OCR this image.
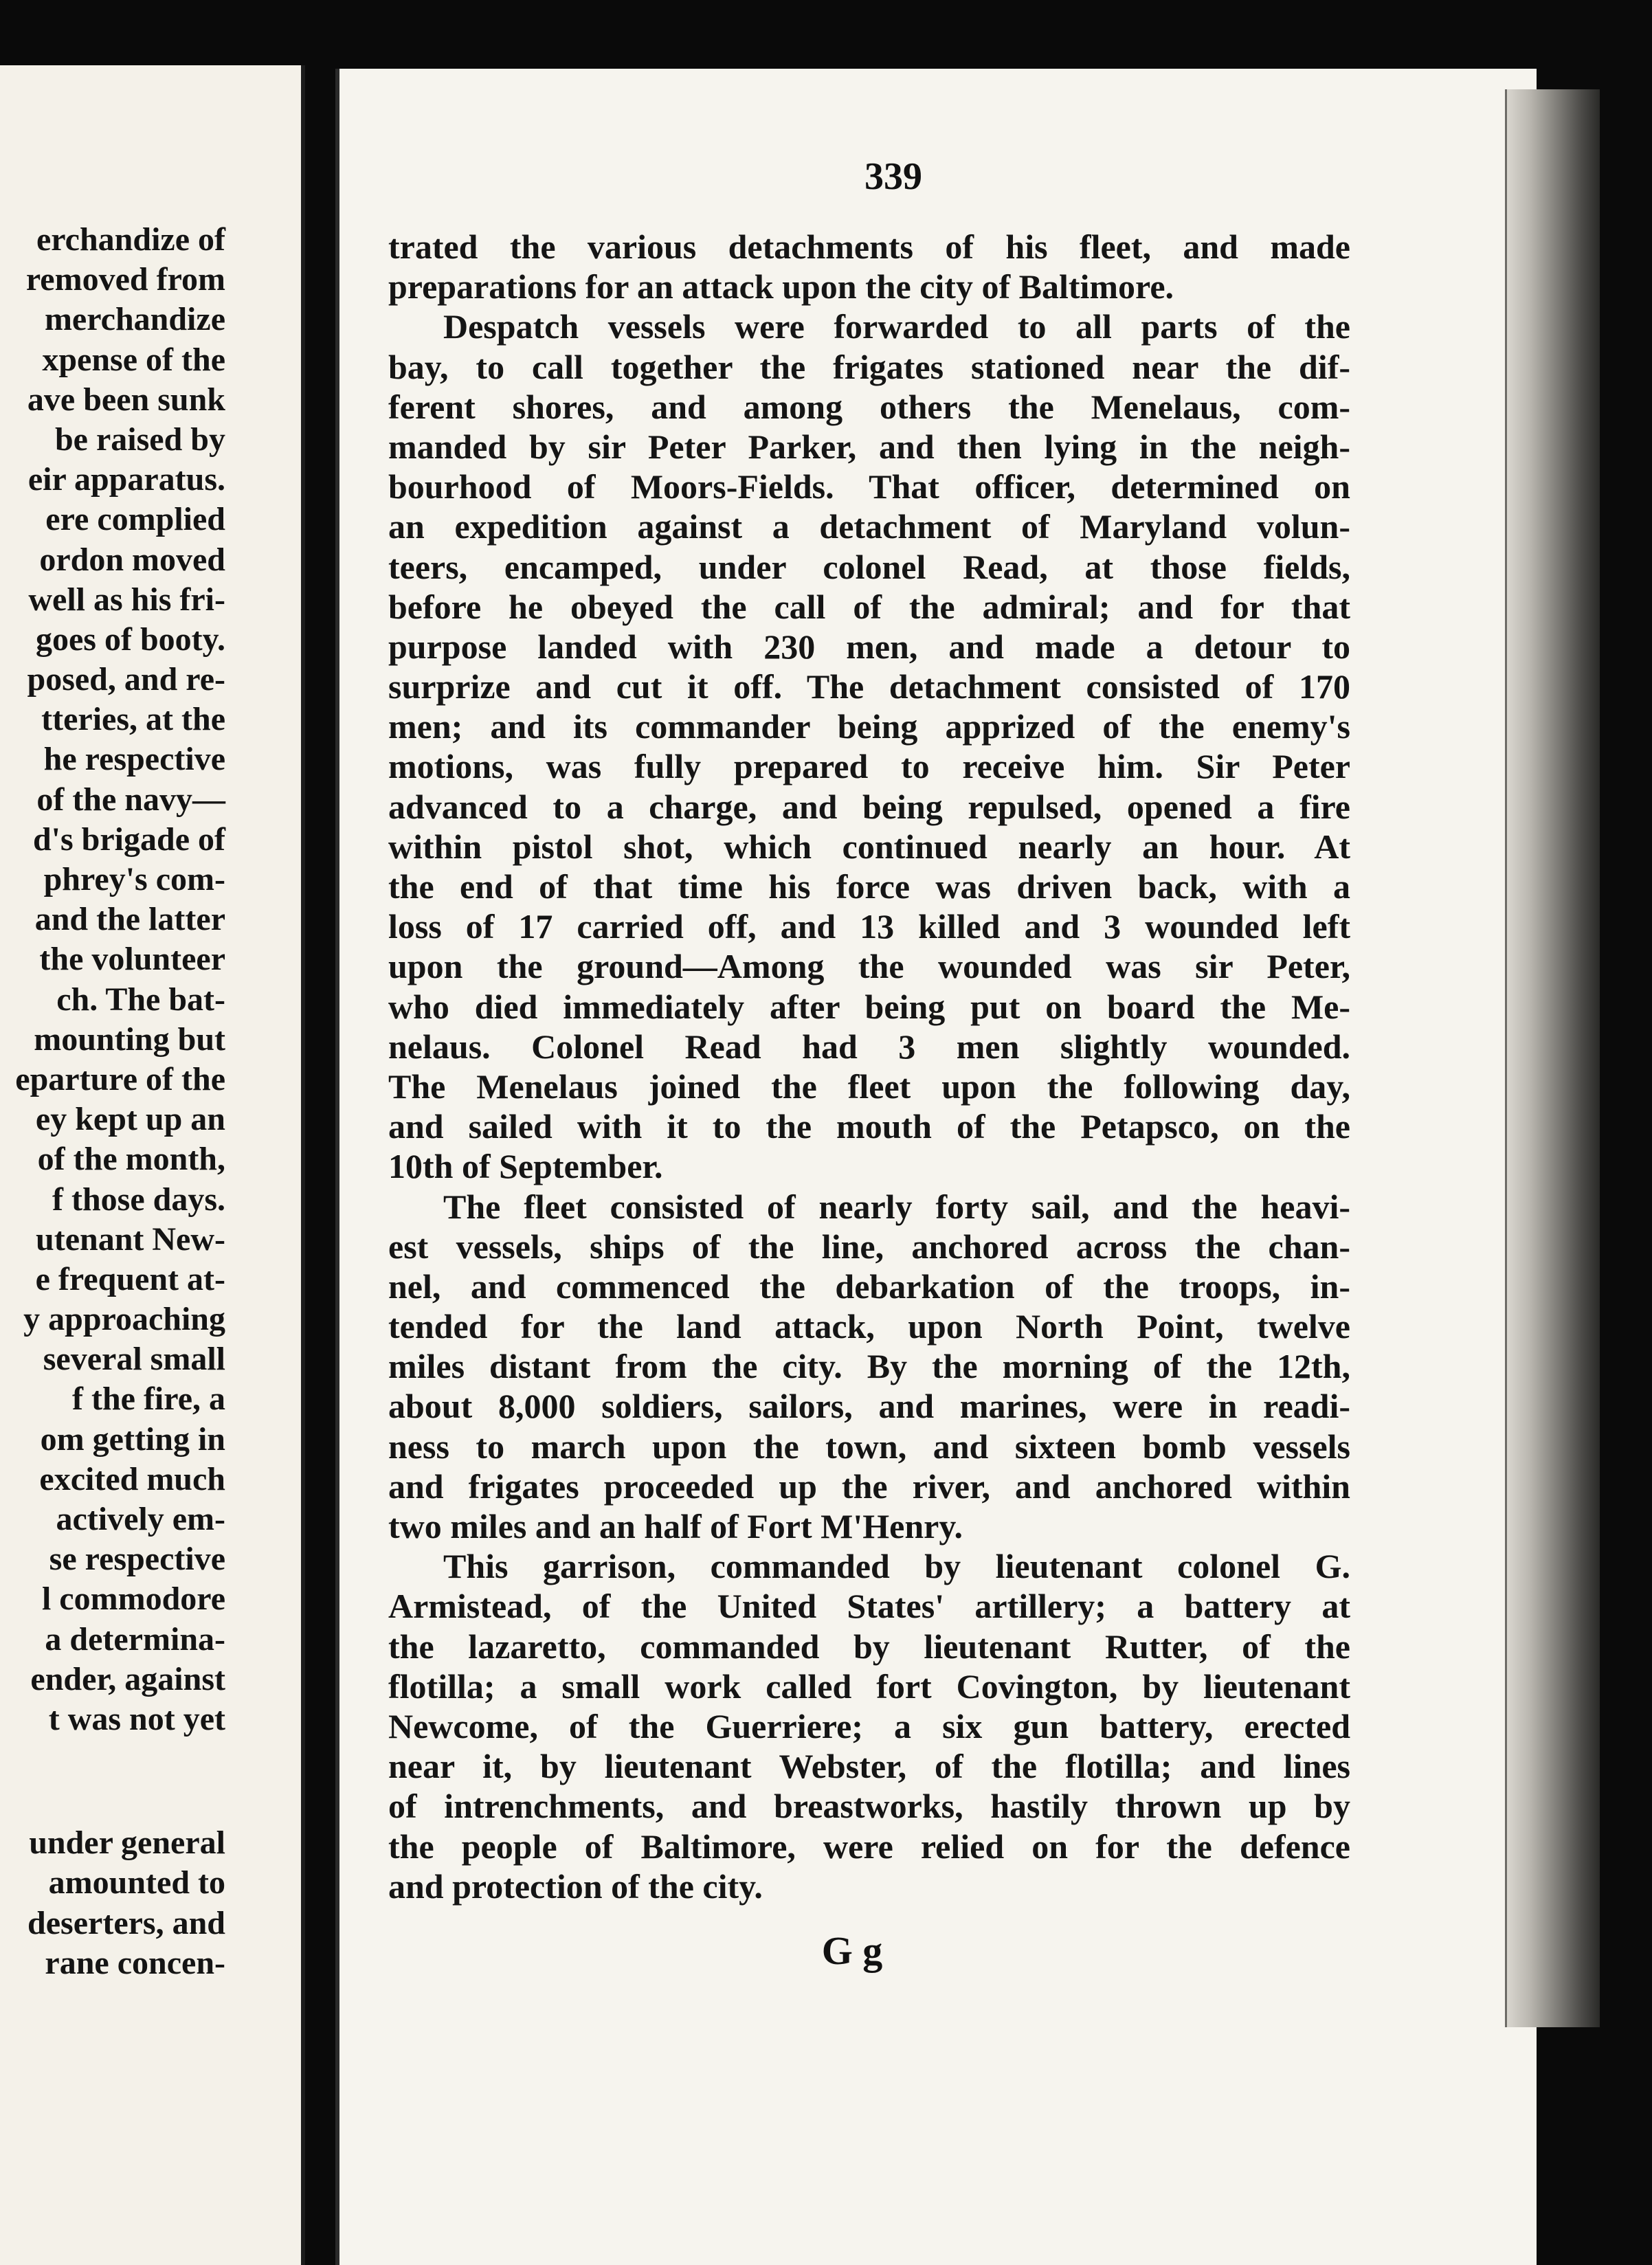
erchandize of
removed from
merchandize
xpense of the
ave been sunk
be raised by
eir apparatus.
ere complied
ordon moved
well as his fri-
goes of booty.
posed, and re-
tteries, at the
he respective
of the navy—
d's brigade of
phrey's com-
and the latter
the volunteer
ch. The bat-
mounting but
eparture of the
ey kept up an
of the month,
f those days.
utenant New-
e frequent at-
y approaching
several small
f the fire, a
om getting in
excited much
actively em-
se respective
l commodore
a determina-
ender, against
t was not yet
under general
amounted to
deserters, and
rane concen-
339
trated the various detachments of his fleet, and made
preparations for an attack upon the city of Baltimore.
Despatch vessels were forwarded to all parts of the
bay, to call together the frigates stationed near the dif-
ferent shores, and among others the Menelaus, com-
manded by sir Peter Parker, and then lying in the neigh-
bourhood of Moors-Fields. That officer, determined on
an expedition against a detachment of Maryland volun-
teers, encamped, under colonel Read, at those fields,
before he obeyed the call of the admiral; and for that
purpose landed with 230 men, and made a detour to
surprize and cut it off. The detachment consisted of 170
men; and its commander being apprized of the enemy's
motions, was fully prepared to receive him. Sir Peter
advanced to a charge, and being repulsed, opened a fire
within pistol shot, which continued nearly an hour. At
the end of that time his force was driven back, with a
loss of 17 carried off, and 13 killed and 3 wounded left
upon the ground—Among the wounded was sir Peter,
who died immediately after being put on board the Me-
nelaus. Colonel Read had 3 men slightly wounded.
The Menelaus joined the fleet upon the following day,
and sailed with it to the mouth of the Petapsco, on the
10th of September.
The fleet consisted of nearly forty sail, and the heavi-
est vessels, ships of the line, anchored across the chan-
nel, and commenced the debarkation of the troops, in-
tended for the land attack, upon North Point, twelve
miles distant from the city. By the morning of the 12th,
about 8,000 soldiers, sailors, and marines, were in readi-
ness to march upon the town, and sixteen bomb vessels
and frigates proceeded up the river, and anchored within
two miles and an half of Fort M'Henry.
This garrison, commanded by lieutenant colonel G.
Armistead, of the United States' artillery; a battery at
the lazaretto, commanded by lieutenant Rutter, of the
flotilla; a small work called fort Covington, by lieutenant
Newcome, of the Guerriere; a six gun battery, erected
near it, by lieutenant Webster, of the flotilla; and lines
of intrenchments, and breastworks, hastily thrown up by
the people of Baltimore, were relied on for the defence
and protection of the city.
G g
